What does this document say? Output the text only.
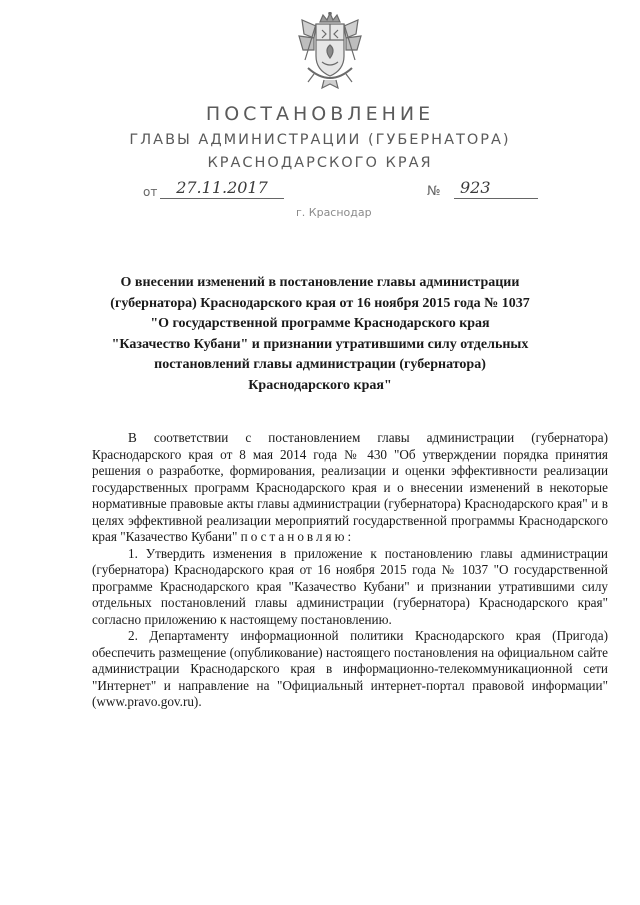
ПОСТАНОВЛЕНИЕ
ГЛАВЫ АДМИНИСТРАЦИИ (ГУБЕРНАТОРА)
КРАСНОДАРСКОГО КРАЯ
от	27.11.2017	№	923
г. Краснодар
О внесении изменений в постановление главы администрации
(губернатора) Краснодарского края от 16 ноября 2015 года № 1037
"О государственной программе Краснодарского края
"Казачество Кубани" и признании утратившими силу отдельных
постановлений главы администрации (губернатора)
Краснодарского края"

В соответствии с постановлением главы администрации (губернатора) Краснодарского края от 8 мая 2014 года № 430 "Об утверждении порядка принятия решения о разработке, формирования, реализации и оценки эффективности реализации государственных программ Краснодарского края и о внесении изменений в некоторые нормативные правовые акты главы администрации (губернатора) Краснодарского края" и в целях эффективной реализации мероприятий государственной программы Краснодарского края "Казачество Кубани" постановляю:

1. Утвердить изменения в приложение к постановлению главы администрации (губернатора) Краснодарского края от 16 ноября 2015 года № 1037 "О государственной программе Краснодарского края "Казачество Кубани" и признании утратившими силу отдельных постановлений главы администрации (губернатора) Краснодарского края" согласно приложению к настоящему постановлению.

2. Департаменту информационной политики Краснодарского края (Пригода) обеспечить размещение (опубликование) настоящего постановления на официальном сайте администрации Краснодарского края в информационно-телекоммуникационной сети "Интернет" и направление на "Официальный интернет-портал правовой информации" (www.pravo.gov.ru).
